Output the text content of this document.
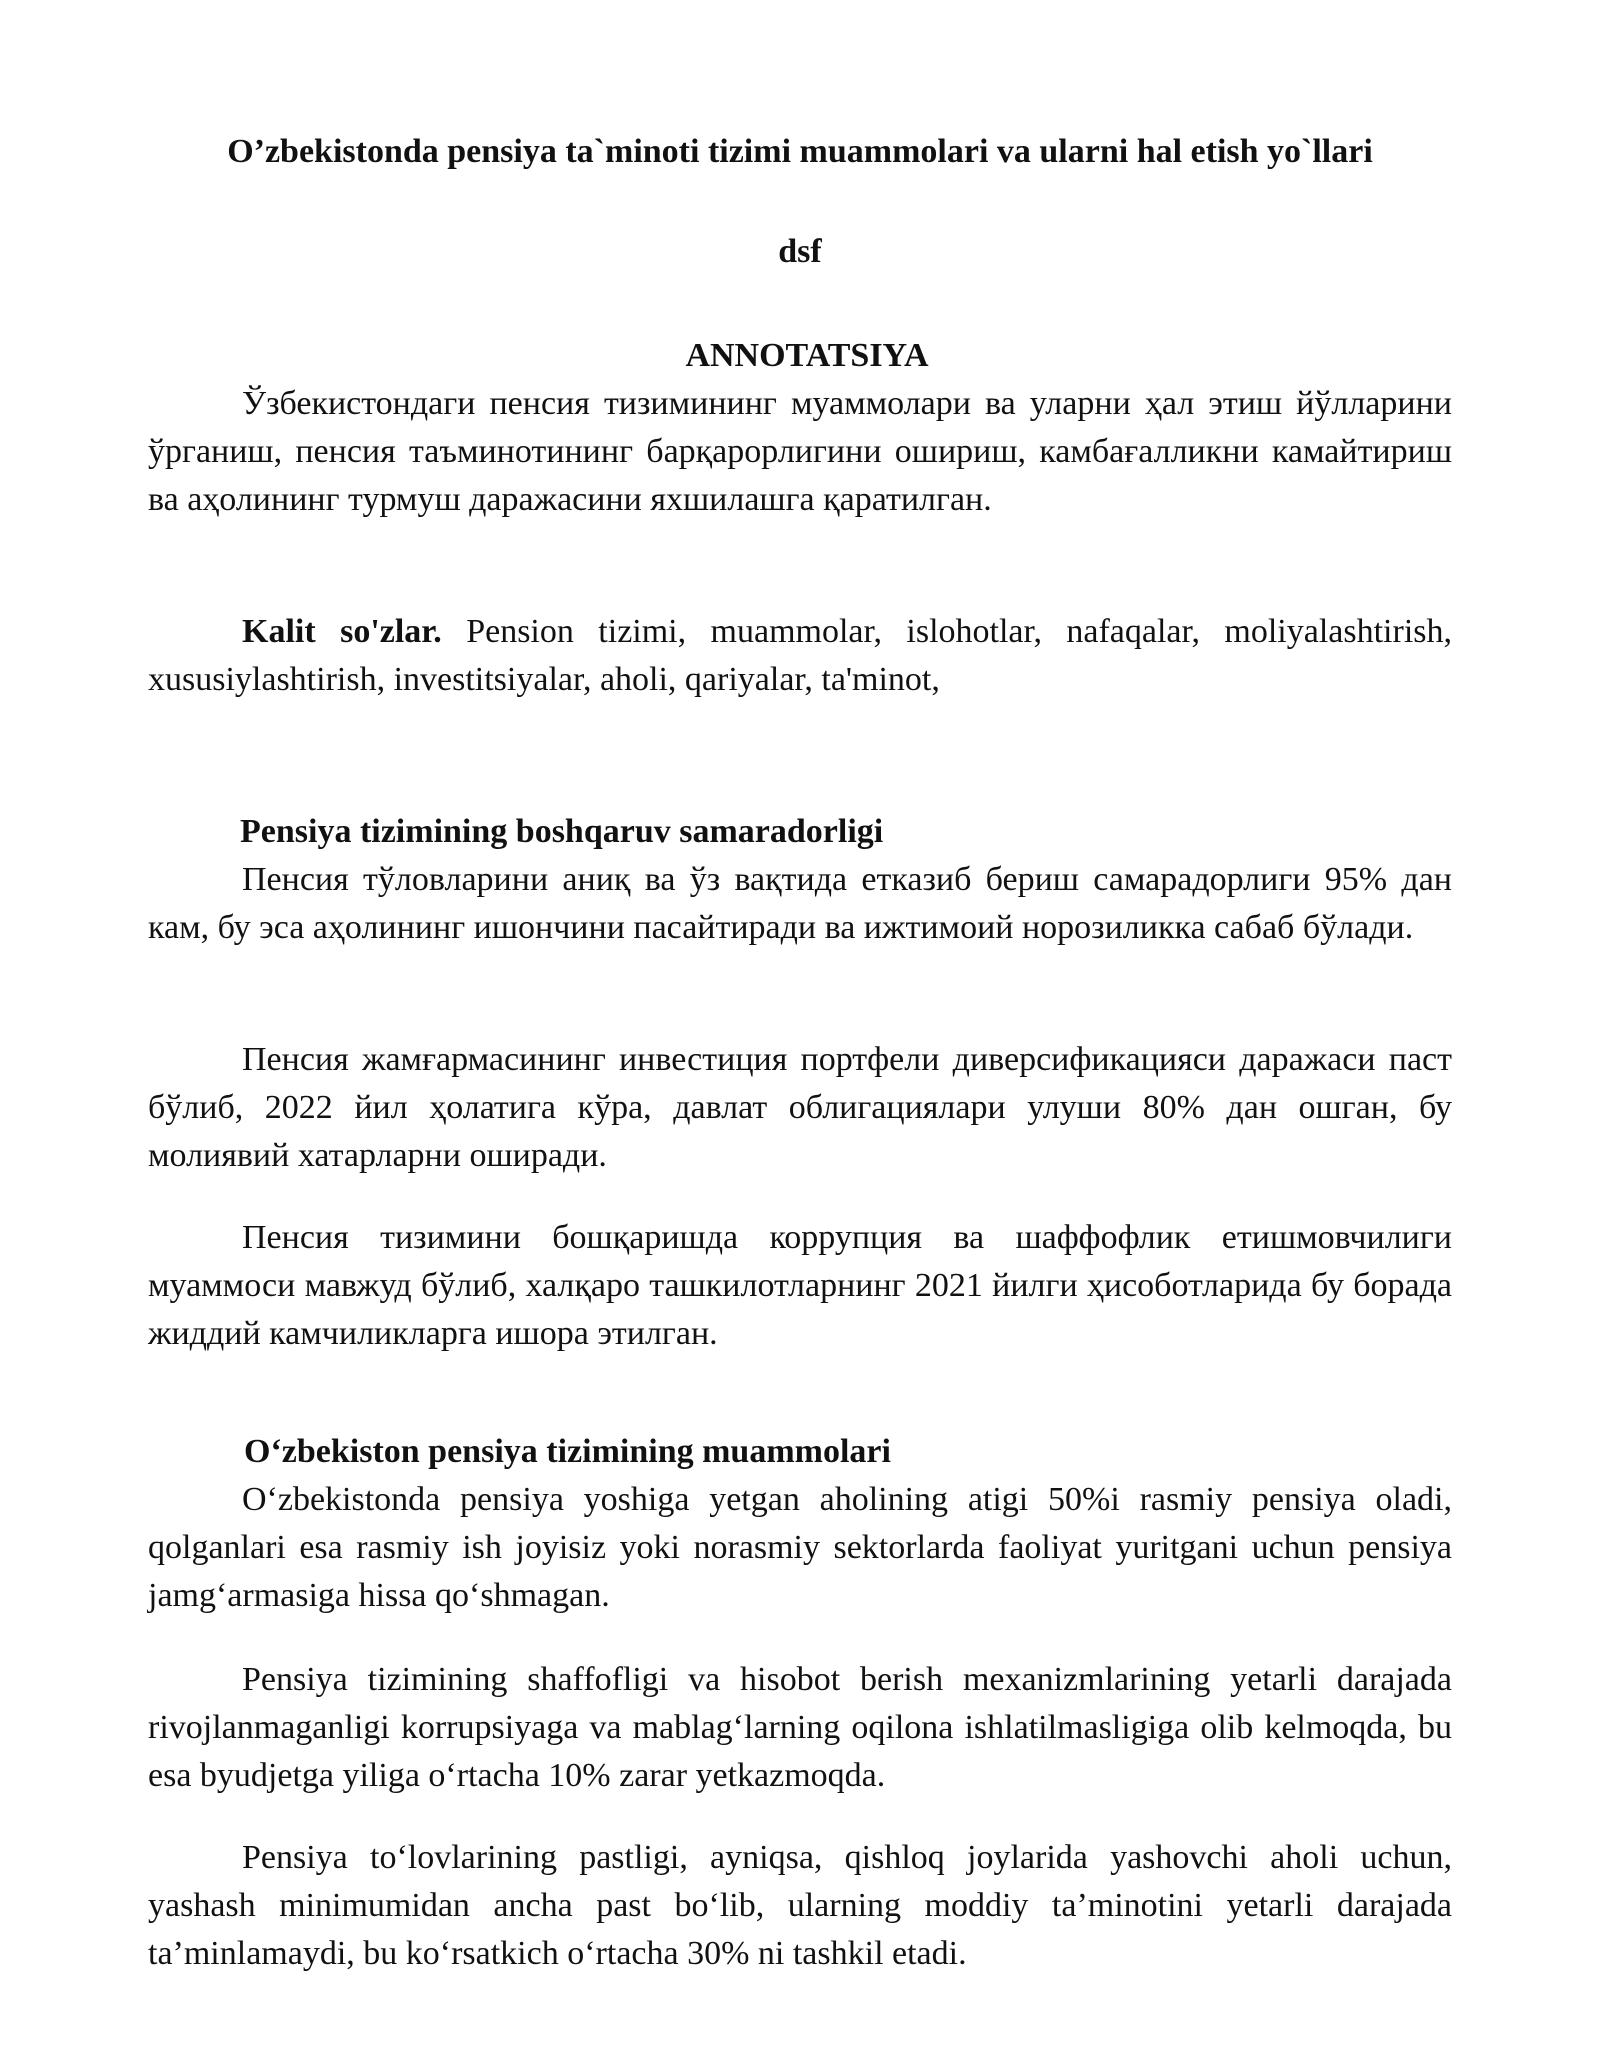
O’zbekistonda pensiya ta`minoti tizimi muammolari va ularni hal etish yo`llari
dsf
ANNOTATSIYA

Ўзбекистондаги пенсия тизимининг муаммолари ва уларни ҳал этиш йўлларини ўрганиш, пенсия таъминотининг барқарорлигини ошириш, камбағалликни камайтириш ва аҳолининг турмуш даражасини яхшилашга қаратилган.

Kalit so'zlar. Pension tizimi, muammolar, islohotlar, nafaqalar, moliyalashtirish, xususiylashtirish, investitsiyalar, aholi, qariyalar, ta'minot,

Pensiya tizimining boshqaruv samaradorligi

Пенсия тўловларини аниқ ва ўз вақтида етказиб бериш самарадорлиги 95% дан кам, бу эса аҳолининг ишончини пасайтиради ва ижтимоий норозиликка сабаб бўлади.

Пенсия жамғармасининг инвестиция портфели диверсификацияси даражаси паст бўлиб, 2022 йил ҳолатига кўра, давлат облигациялари улуши 80% дан ошган, бу молиявий хатарларни оширади.

Пенсия тизимини бошқаришда коррупция ва шаффофлик етишмовчилиги муаммоси мавжуд бўлиб, халқаро ташкилотларнинг 2021 йилги ҳисоботларида бу борада жиддий камчиликларга ишора этилган.

O‘zbekiston pensiya tizimining muammolari

O‘zbekistonda pensiya yoshiga yetgan aholining atigi 50%i rasmiy pensiya oladi, qolganlari esa rasmiy ish joyisiz yoki norasmiy sektorlarda faoliyat yuritgani uchun pensiya jamg‘armasiga hissa qo‘shmagan.

Pensiya tizimining shaffofligi va hisobot berish mexanizmlarining yetarli darajada rivojlanmaganligi korrupsiyaga va mablag‘larning oqilona ishlatilmasligiga olib kelmoqda, bu esa byudjetga yiliga o‘rtacha 10% zarar yetkazmoqda.

Pensiya to‘lovlarining pastligi, ayniqsa, qishloq joylarida yashovchi aholi uchun, yashash minimumidan ancha past bo‘lib, ularning moddiy ta’minotini yetarli darajada ta’minlamaydi, bu ko‘rsatkich o‘rtacha 30% ni tashkil etadi.
